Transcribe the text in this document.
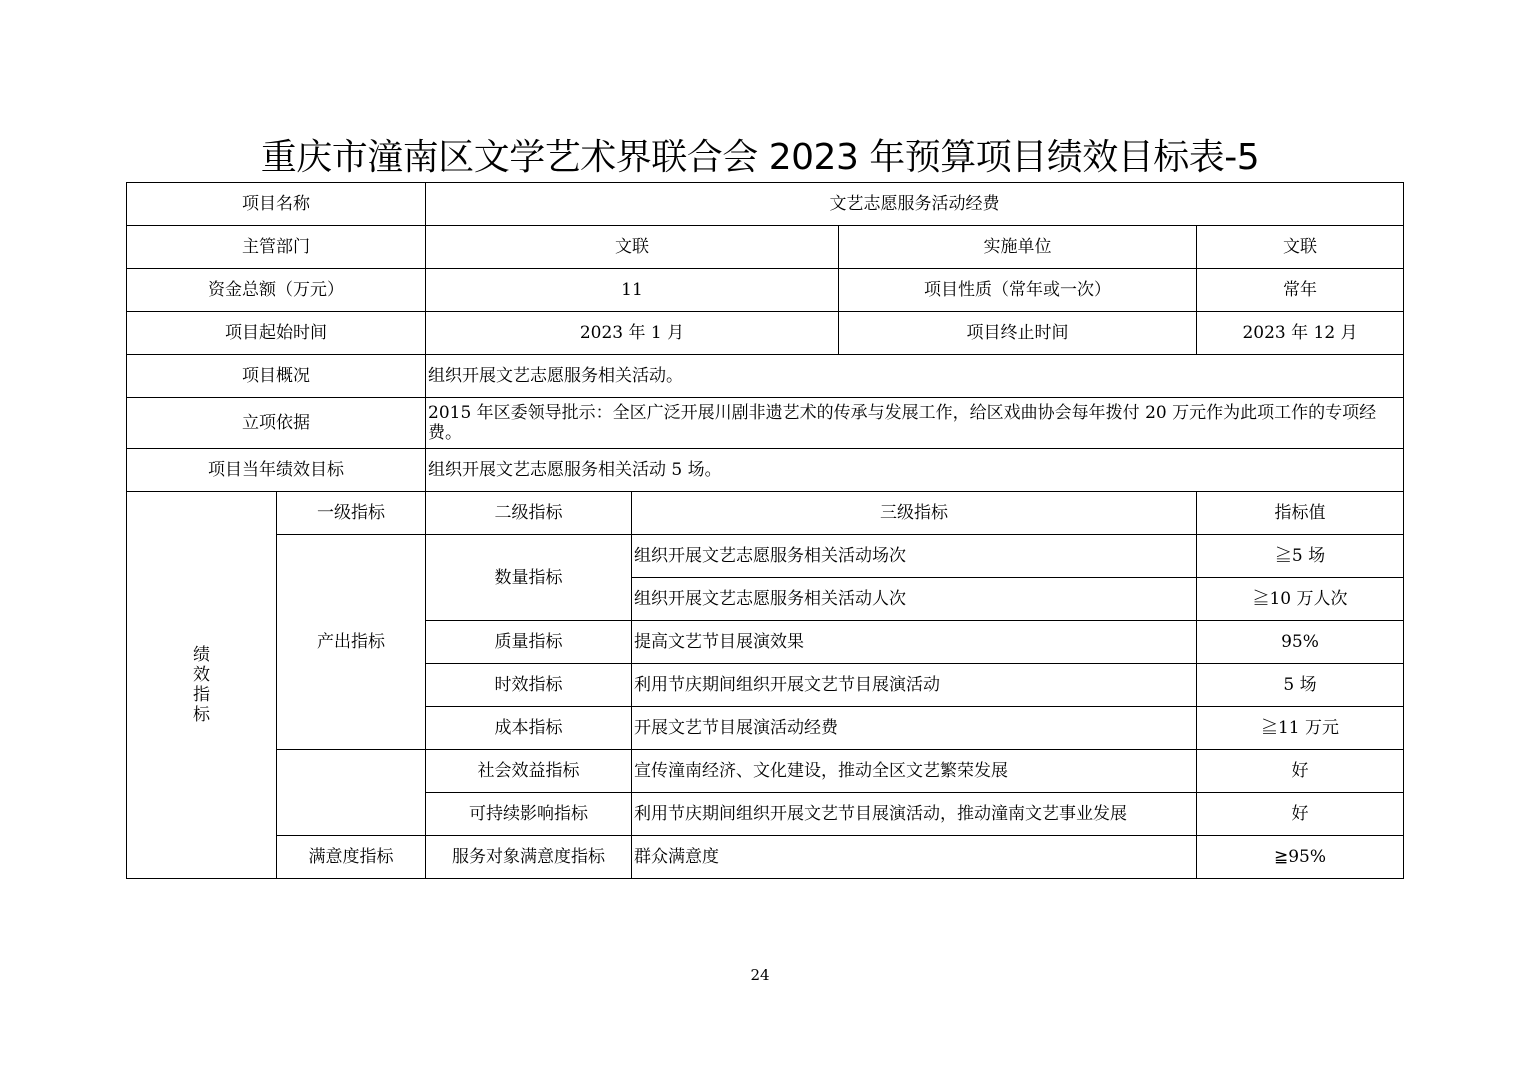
重庆市潼南区文学艺术界联合会 2023 年预算项目绩效目标表-5
项目名称		文艺志愿服务活动经费			
主管部门		文联		实施单位	文联
资金总额（万元）		11		项目性质（常年或一次）	常年
项目起始时间		2023 年 1 月		项目终止时间	2023 年 12 月
项目概况		组织开展文艺志愿服务相关活动。			
立项依据		2015 年区委领导批示：全区广泛开展川剧非遗艺术的传承与发展工作，给区戏曲协会每年拨付 20 万元作为此项工作的专项经费。			
项目当年绩效目标		组织开展文艺志愿服务相关活动 5 场。			
绩效指标	一级指标	二级指标	三级指标		指标值
	产出指标	数量指标	组织开展文艺志愿服务相关活动场次		≧5 场
			组织开展文艺志愿服务相关活动人次		≧10 万人次
		质量指标	提高文艺节目展演效果		95%
		时效指标	利用节庆期间组织开展文艺节目展演活动		5 场
		成本指标	开展文艺节目展演活动经费		≧11 万元
		社会效益指标	宣传潼南经济、文化建设，推动全区文艺繁荣发展		好
		可持续影响指标	利用节庆期间组织开展文艺节目展演活动，推动潼南文艺事业发展		好
	满意度指标	服务对象满意度指标	群众满意度		≧95%
24
